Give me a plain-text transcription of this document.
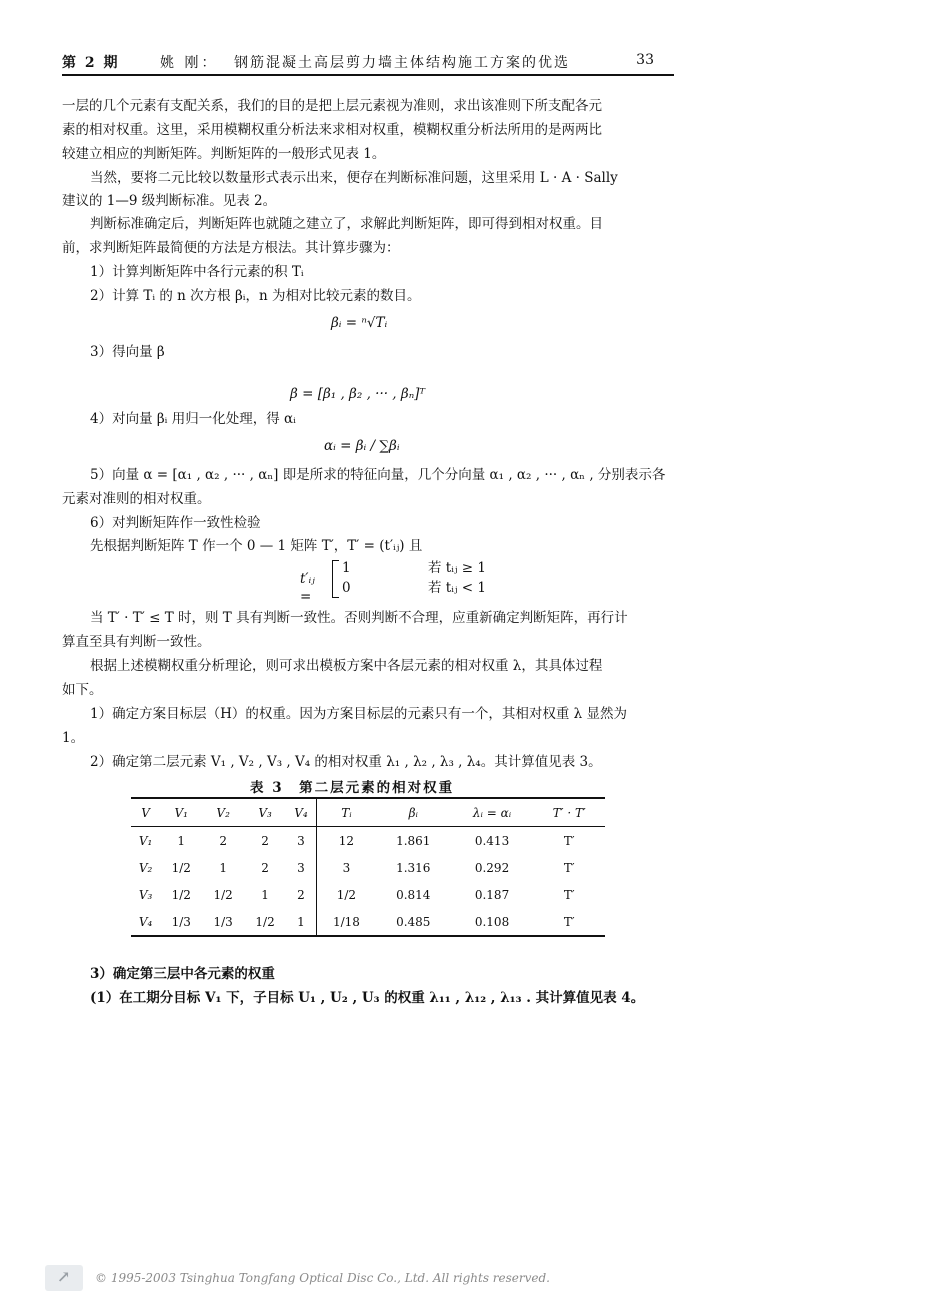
第 2 期	姚 刚： 钢筋混凝土高层剪力墙主体结构施工方案的优选	33
一层的几个元素有支配关系，我们的目的是把上层元素视为准则，求出该准则下所支配各元
素的相对权重。这里，采用模糊权重分析法来求相对权重，模糊权重分析法所用的是两两比
较建立相应的判断矩阵。判断矩阵的一般形式见表 1。
当然，要将二元比较以数量形式表示出来，便存在判断标准问题，这里采用 L · A · Sally
建议的 1—9 级判断标准。见表 2。
判断标准确定后，判断矩阵也就随之建立了，求解此判断矩阵，即可得到相对权重。目
前，求判断矩阵最简便的方法是方根法。其计算步骤为：
1）计算判断矩阵中各行元素的积 Tᵢ
2）计算 Tᵢ 的 n 次方根 βᵢ，n 为相对比较元素的数目。
βᵢ = ⁿ√Tᵢ
3）得向量 β
β = [β₁ , β₂ , ··· , βₙ]ᵀ
4）对向量 βᵢ 用归一化处理，得 αᵢ
αᵢ = βᵢ / ∑βᵢ
5）向量 α = [α₁ , α₂ , ··· , αₙ] 即是所求的特征向量，几个分向量 α₁ , α₂ , ··· , αₙ , 分别表示各
元素对准则的相对权重。
6）对判断矩阵作一致性检验
先根据判断矩阵 T 作一个 0 — 1 矩阵 T′，T′ = (t′ᵢⱼ) 且
t′ᵢⱼ =
1	若 tᵢⱼ ≥ 1
0	若 tᵢⱼ < 1
当 T′ · T′ ≤ T 时，则 T 具有判断一致性。否则判断不合理，应重新确定判断矩阵，再行计
算直至具有判断一致性。
根据上述模糊权重分析理论，则可求出模板方案中各层元素的相对权重 λ，其具体过程
如下。
1）确定方案目标层（H）的权重。因为方案目标层的元素只有一个，其相对权重 λ 显然为
1。
2）确定第二层元素 V₁ , V₂ , V₃ , V₄ 的相对权重 λ₁ , λ₂ , λ₃ , λ₄。其计算值见表 3。
表 3　第二层元素的相对权重
V	V₁	V₂	V₃	V₄	Tᵢ	βᵢ	λᵢ = αᵢ	T′ · T′
V₁	1	2	2	3	12	1.861	0.413	T′
V₂	1/2	1	2	3	3	1.316	0.292	T′
V₃	1/2	1/2	1	2	1/2	0.814	0.187	T′
V₄	1/3	1/3	1/2	1	1/18	0.485	0.108	T′
3）确定第三层中各元素的权重
(1）在工期分目标 V₁ 下，子目标 U₁ , U₂ , U₃ 的权重 λ₁₁ , λ₁₂ , λ₁₃ . 其计算值见表 4。
↗ © 1995-2003 Tsinghua Tongfang Optical Disc Co., Ltd. All rights reserved.
